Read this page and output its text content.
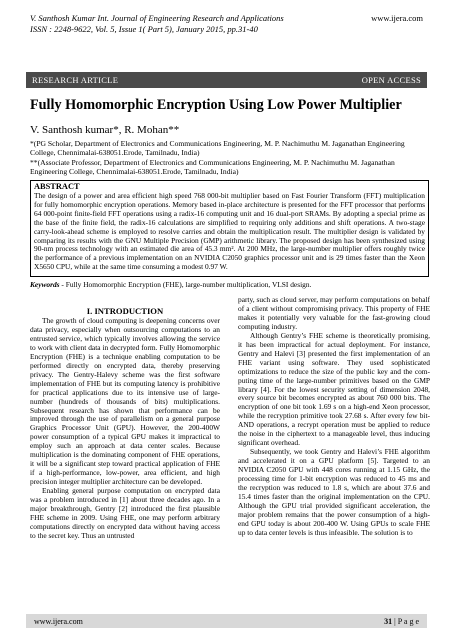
V. Santhosh Kumar Int. Journal of Engineering Research and Applications	www.ijera.com
ISSN : 2248-9622, Vol. 5, Issue 1( Part 5), January 2015, pp.31-40
RESEARCH ARTICLE	OPEN ACCESS
Fully Homomorphic Encryption Using Low Power Multiplier
V. Santhosh kumar*, R. Mohan**

*(PG Scholar, Department of Electronics and Communications Engineering, M. P. Nachimuthu M. Jaganathan Engineering College, Chennimalai-638051.Erode, Tamilnadu, India)

**(Associate Professor, Department of Electronics and Communications Engineering, M. P. Nachimuthu M. Jaganathan Engineering College, Chennimalai-638051.Erode, Tamilnadu, India)

ABSTRACT
The design of a power and area efficient high speed 768 000-bit multiplier based on Fast Fourier Transform (FFT) multiplication for fully homomorphic encryption operations. Memory based in-place architecture is presented for the FFT processor that performs 64 000-point finite-field FFT operations using a radix-16 computing unit and 16 dual-port SRAMs. By adopting a special prime as the base of the finite field, the radix-16 calculations are simplified to requiring only additions and shift operations. A two-stage carry-look-ahead scheme is employed to resolve carries and obtain the multiplication result. The multiplier design is validated by comparing its results with the GNU Multiple Precision (GMP) arithmetic library. The proposed design has been synthesized using 90-nm process technology with an estimated die area of 45.3 mm². At 200 MHz, the large-number multiplier offers roughly twice the performance of a previous implementation on an NVIDIA C2050 graphics processor unit and is 29 times faster than the Xeon X5650 CPU, while at the same time consuming a modest 0.97 W.
Keywords - Fully Homomorphic Encryption (FHE), large-number multiplication, VLSI design.
I. INTRODUCTION

The growth of cloud computing is deepening concerns over data privacy, especially when outsourcing computations to an entrusted service, which typically involves allowing the service to work with client data in decrypted form. Fully Homomorphic Encryption (FHE) is a technique enabling computation to be performed directly on encrypted data, thereby preserving privacy. The Gentry-Halevy scheme was the first software implementation of FHE but its computing latency is prohibitive for practical applications due to its intensive use of large-number (hundreds of thousands of bits) multiplications. Subsequent research has shown that performance can be improved through the use of parallelism on a general purpose Graphics Processor Unit (GPU). However, the 200-400W power consumption of a typical GPU makes it impractical to employ such an approach at data center scales. Because multiplication is the dominating component of FHE operations, it will be a significant step toward practical application of FHE if a high-performance, low-power, area efficient, and high precision integer multiplier architecture can be developed.

Enabling general purpose computation on encrypted data was a problem introduced in [1] about three decades ago. In a major breakthrough, Gentry [2] introduced the first plausible FHE scheme in 2009. Using FHE, one may perform arbitrary computations directly on encrypted data without having access to the secret key. Thus an untrusted

party, such as cloud server, may perform computations on behalf of a client without compromising privacy. This property of FHE makes it potentially very valuable for the fast-growing cloud computing industry.

Although Gentry’s FHE scheme is theoretically promising, it has been impractical for actual deployment. For instance, Gentry and Halevi [3] presented the first implementation of an FHE variant using software. They used sophisticated optimizations to reduce the size of the public key and the com-puting time of the large-number primitives based on the GMP library [4]. For the lowest security setting of dimension 2048, every source bit becomes encrypted as about 760 000 bits. The encryption of one bit took 1.69 s on a high-end Xeon processor, while the recryption primitive took 27.68 s. After every few bit-AND operations, a recrypt operation must be applied to reduce the noise in the ciphertext to a manageable level, thus inducing significant overhead.

Subsequently, we took Gentry and Halevi’s FHE algorithm and accelerated it on a GPU platform [5]. Targeted to an NVIDIA C2050 GPU with 448 cores running at 1.15 GHz, the processing time for 1-bit encryption was reduced to 45 ms and the recryption was reduced to 1.8 s, which are about 37.6 and 15.4 times faster than the original implementation on the CPU. Although the GPU trial provided significant acceleration, the major problem remains that the power consumption of a high-end GPU today is about 200-400 W. Using GPUs to scale FHE up to data center levels is thus infeasible. The solution is to

www.ijera.com	31 | P a g e
